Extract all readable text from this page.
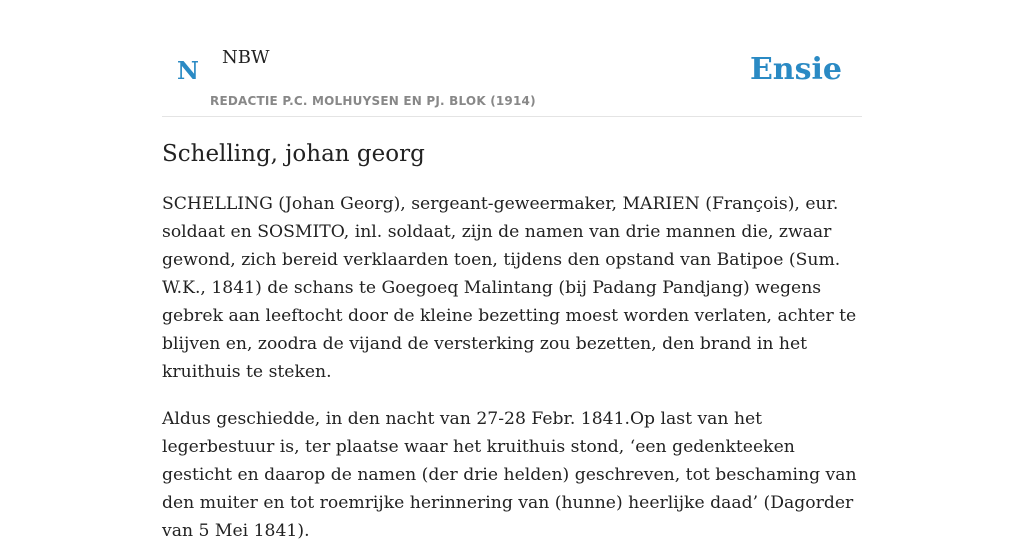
N NBW
REDACTIE P.C. MOLHUYSEN EN PJ. BLOK (1914)
Ensie
Schelling, johan georg

SCHELLING (Johan Georg), sergeant-geweermaker, MARIEN (François), eur. soldaat en SOSMITO, inl. soldaat, zijn de namen van drie mannen die, zwaar gewond, zich bereid verklaarden toen, tijdens den opstand van Batipoe (Sum. W.K., 1841) de schans te Goegoeq Malintang (bij Padang Pandjang) wegens gebrek aan leeftocht door de kleine bezetting moest worden verlaten, achter te blijven en, zoodra de vijand de versterking zou bezetten, den brand in het kruithuis te steken.

Aldus geschiedde, in den nacht van 27-28 Febr. 1841.Op last van het legerbestuur is, ter plaatse waar het kruithuis stond, ‘een gedenkteeken gesticht en daarop de namen (der drie helden) geschreven, tot beschaming van den muiter en tot roemrijke herinnering van (hunne) heerlijke daad’ (Dagorder van 5 Mei 1841).
